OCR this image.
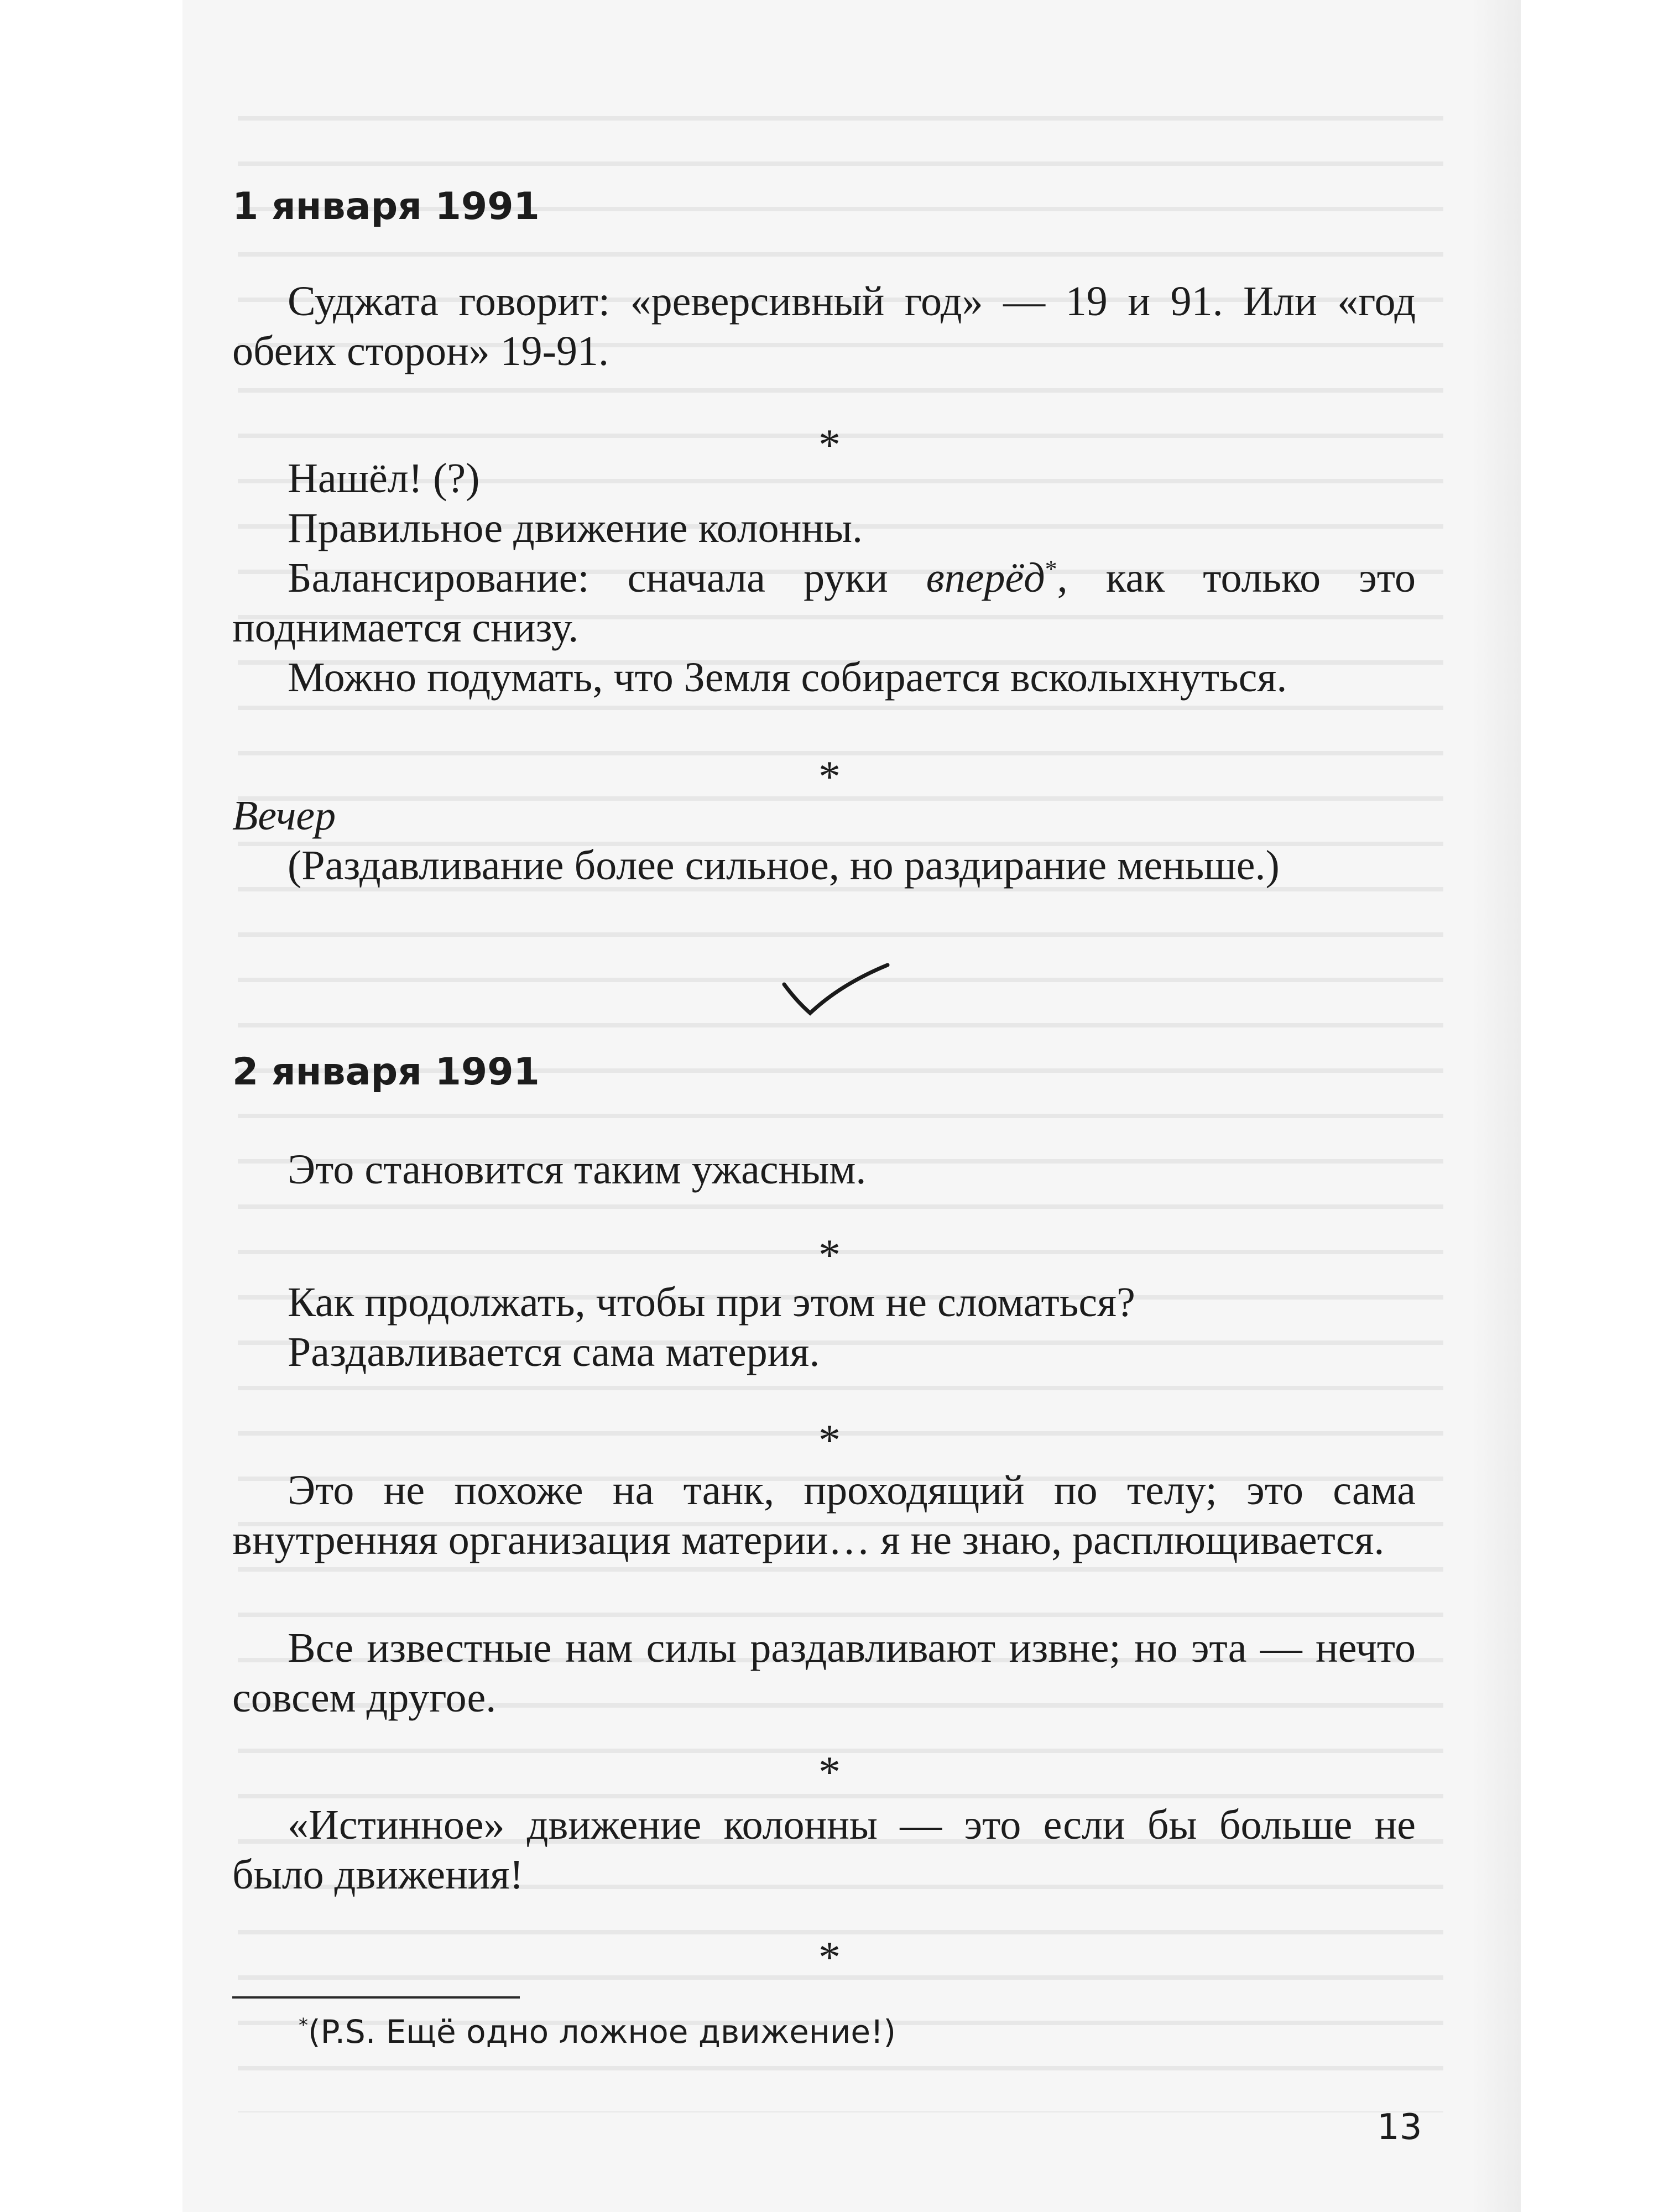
1 января 1991

Суджата говорит: «реверсивный год» — 19 и 91. Или «год обеих сторон» 19-91.

*

Нашёл! (?)

Правильное движение колонны.

Балансирование: сначала руки вперёд*, как только это поднимается снизу.

Можно подумать, что Земля собирается всколыхнуться.

*

Вечер

(Раздавливание более сильное, но раздирание меньше.)

2 января 1991

Это становится таким ужасным.

*

Как продолжать, чтобы при этом не сломаться?

Раздавливается сама материя.

*

Это не похоже на танк, проходящий по телу; это сама внутренняя организация материи… я не знаю, расплющивается.

Все известные нам силы раздавливают извне; но эта — нечто совсем другое.

*

«Истинное» движение колонны — это если бы больше не было движения!

*

*(P.S. Ещё одно ложное движение!)

13
